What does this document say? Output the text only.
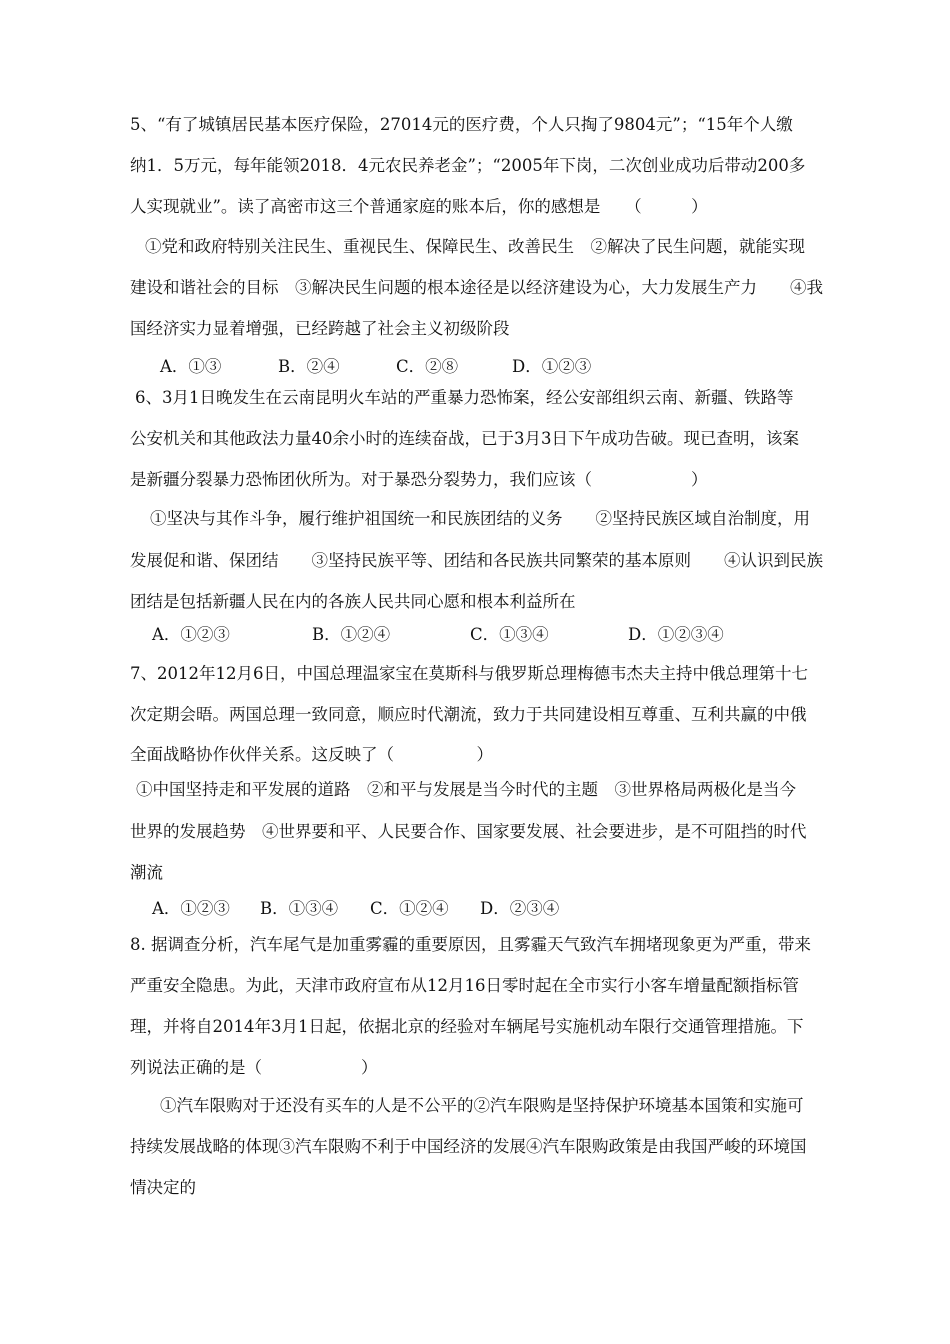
5、“有了城镇居民基本医疗保险，27014元的医疗费，个人只掏了9804元”；“15年个人缴
纳1．5万元，每年能领2018．4元农民养老金”；“2005年下岗，二次创业成功后带动200多
人实现就业”。读了高密市这三个普通家庭的账本后，你的感想是　　（　　　）
①党和政府特别关注民生、重视民生、保障民生、改善民生　②解决了民生问题，就能实现
建设和谐社会的目标　③解决民生问题的根本途径是以经济建设为心，大力发展生产力　　④我
国经济实力显着增强，已经跨越了社会主义初级阶段
A．①③	B．②④	C．②⑧	D．①②③
6、3月1日晚发生在云南昆明火车站的严重暴力恐怖案，经公安部组织云南、新疆、铁路等
公安机关和其他政法力量40余小时的连续奋战，已于3月3日下午成功告破。现已查明，该案
是新疆分裂暴力恐怖团伙所为。对于暴恐分裂势力，我们应该（　　　　　　）
①坚决与其作斗争，履行维护祖国统一和民族团结的义务　　②坚持民族区域自治制度，用
发展促和谐、保团结　　③坚持民族平等、团结和各民族共同繁荣的基本原则　　④认识到民族
团结是包括新疆人民在内的各族人民共同心愿和根本利益所在
A．①②③	B．①②④	C．①③④	D．①②③④
7、2012年12月6日，中国总理温家宝在莫斯科与俄罗斯总理梅德韦杰夫主持中俄总理第十七
次定期会晤。两国总理一致同意，顺应时代潮流，致力于共同建设相互尊重、互利共赢的中俄
全面战略协作伙伴关系。这反映了（　　　　　）
①中国坚持走和平发展的道路　②和平与发展是当今时代的主题　③世界格局两极化是当今
世界的发展趋势　④世界要和平、人民要合作、国家要发展、社会要进步，是不可阻挡的时代
潮流
A．①②③ B．①③④ C．①②④ D．②③④
8. 据调查分析，汽车尾气是加重雾霾的重要原因，且雾霾天气致汽车拥堵现象更为严重，带来
严重安全隐患。为此，天津市政府宣布从12月16日零时起在全市实行小客车增量配额指标管
理，并将自2014年3月1日起，依据北京的经验对车辆尾号实施机动车限行交通管理措施。下
列说法正确的是（　　　　　　）
①汽车限购对于还没有买车的人是不公平的②汽车限购是坚持保护环境基本国策和实施可
持续发展战略的体现③汽车限购不利于中国经济的发展④汽车限购政策是由我国严峻的环境国
情决定的
